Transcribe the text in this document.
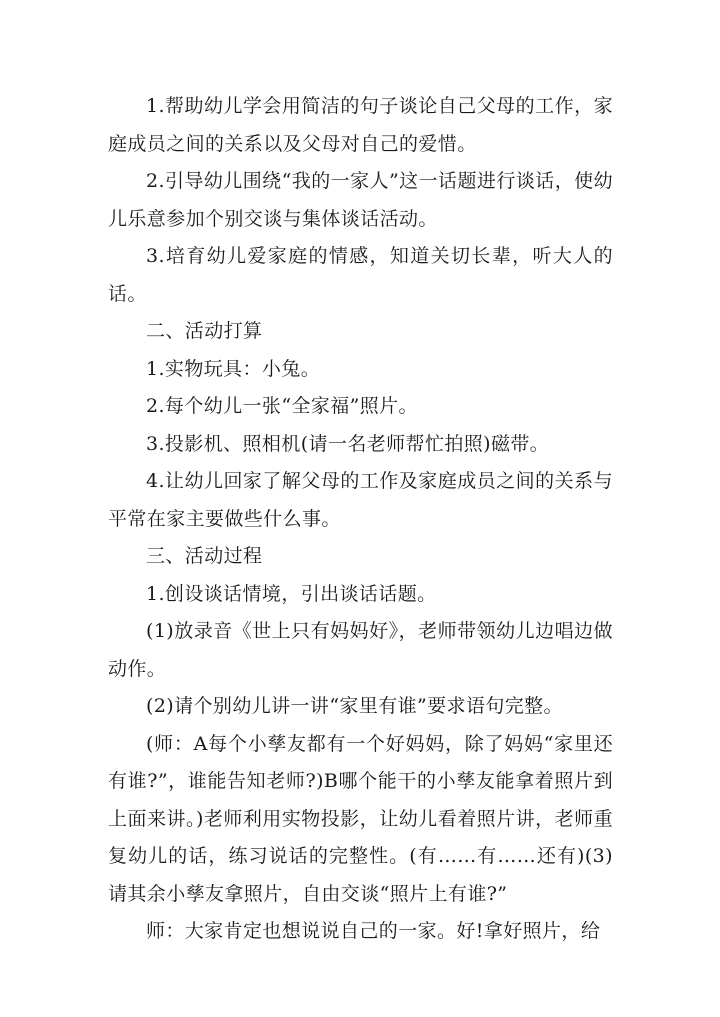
1.帮助幼儿学会用简洁的句子谈论自己父母的工作，家庭成员之间的关系以及父母对自己的爱惜。

2.引导幼儿围绕“我的一家人”这一话题进行谈话，使幼儿乐意参加个别交谈与集体谈话活动。

3.培育幼儿爱家庭的情感，知道关切长辈，听大人的话。

二、活动打算

1.实物玩具：小兔。

2.每个幼儿一张“全家福”照片。

3.投影机、照相机(请一名老师帮忙拍照)磁带。

4.让幼儿回家了解父母的工作及家庭成员之间的关系与平常在家主要做些什么事。

三、活动过程

1.创设谈话情境，引出谈话话题。

(1)放录音《世上只有妈妈好》，老师带领幼儿边唱边做动作。

(2)请个别幼儿讲一讲“家里有谁”要求语句完整。

(师：A每个小孳友都有一个好妈妈，除了妈妈“家里还有谁?”，谁能告知老师?)B哪个能干的小孳友能拿着照片到上面来讲。)老师利用实物投影，让幼儿看着照片讲，老师重复幼儿的话，练习说话的完整性。(有……有……还有)(3)请其余小孳友拿照片，自由交谈“照片上有谁?”

师：大家肯定也想说说自己的一家。好!拿好照片，给
